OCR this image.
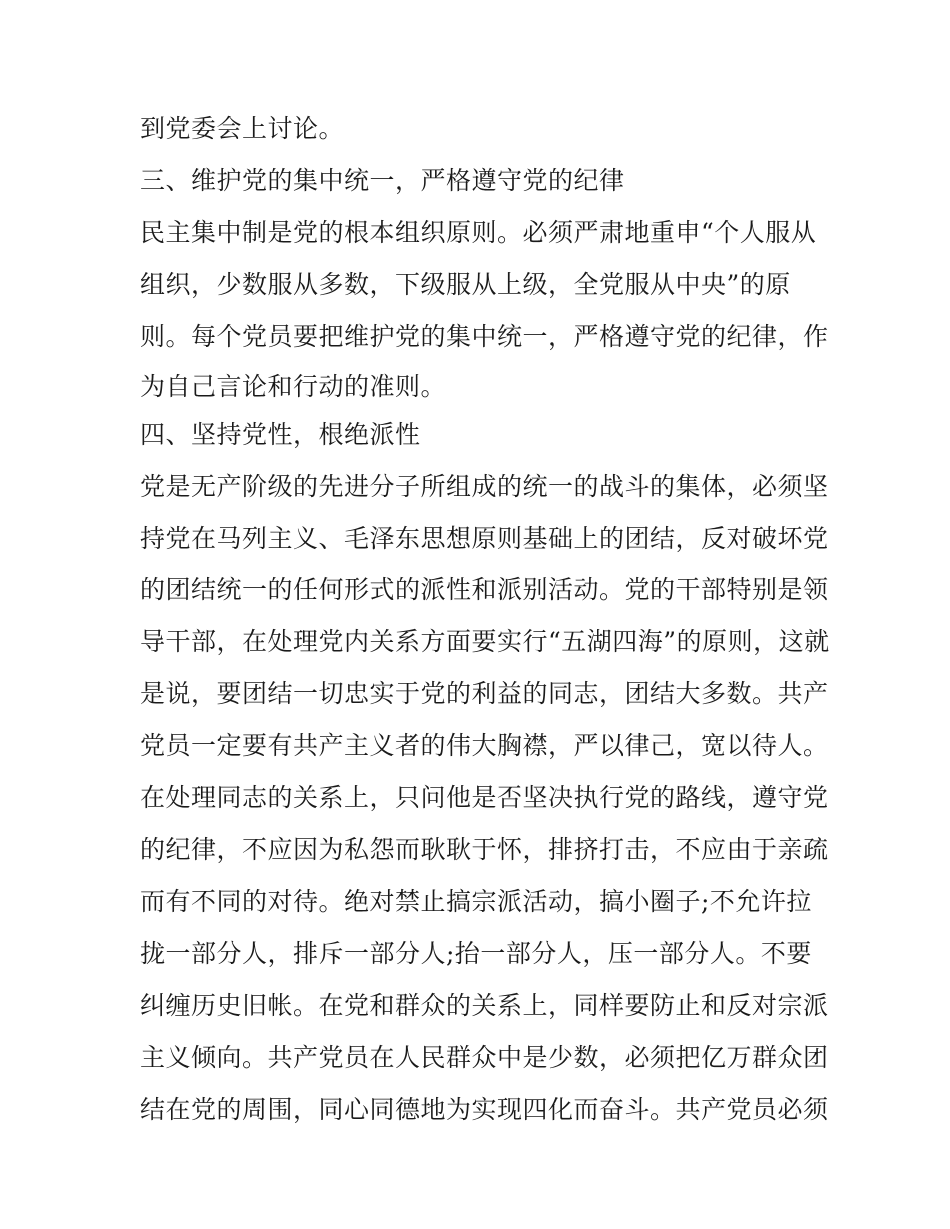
到党委会上讨论。
三、维护党的集中统一，严格遵守党的纪律
民主集中制是党的根本组织原则。必须严肃地重申“个人服从
组织，少数服从多数，下级服从上级，全党服从中央”的原
则。每个党员要把维护党的集中统一，严格遵守党的纪律，作
为自己言论和行动的准则。
四、坚持党性，根绝派性
党是无产阶级的先进分子所组成的统一的战斗的集体，必须坚
持党在马列主义、毛泽东思想原则基础上的团结，反对破坏党
的团结统一的任何形式的派性和派别活动。党的干部特别是领
导干部，在处理党内关系方面要实行“五湖四海”的原则，这就
是说，要团结一切忠实于党的利益的同志，团结大多数。共产
党员一定要有共产主义者的伟大胸襟，严以律己，宽以待人。
在处理同志的关系上，只问他是否坚决执行党的路线，遵守党
的纪律，不应因为私怨而耿耿于怀，排挤打击，不应由于亲疏
而有不同的对待。绝对禁止搞宗派活动，搞小圈子;不允许拉
拢一部分人，排斥一部分人;抬一部分人，压一部分人。不要
纠缠历史旧帐。在党和群众的关系上，同样要防止和反对宗派
主义倾向。共产党员在人民群众中是少数，必须把亿万群众团
结在党的周围，同心同德地为实现四化而奋斗。共产党员必须
